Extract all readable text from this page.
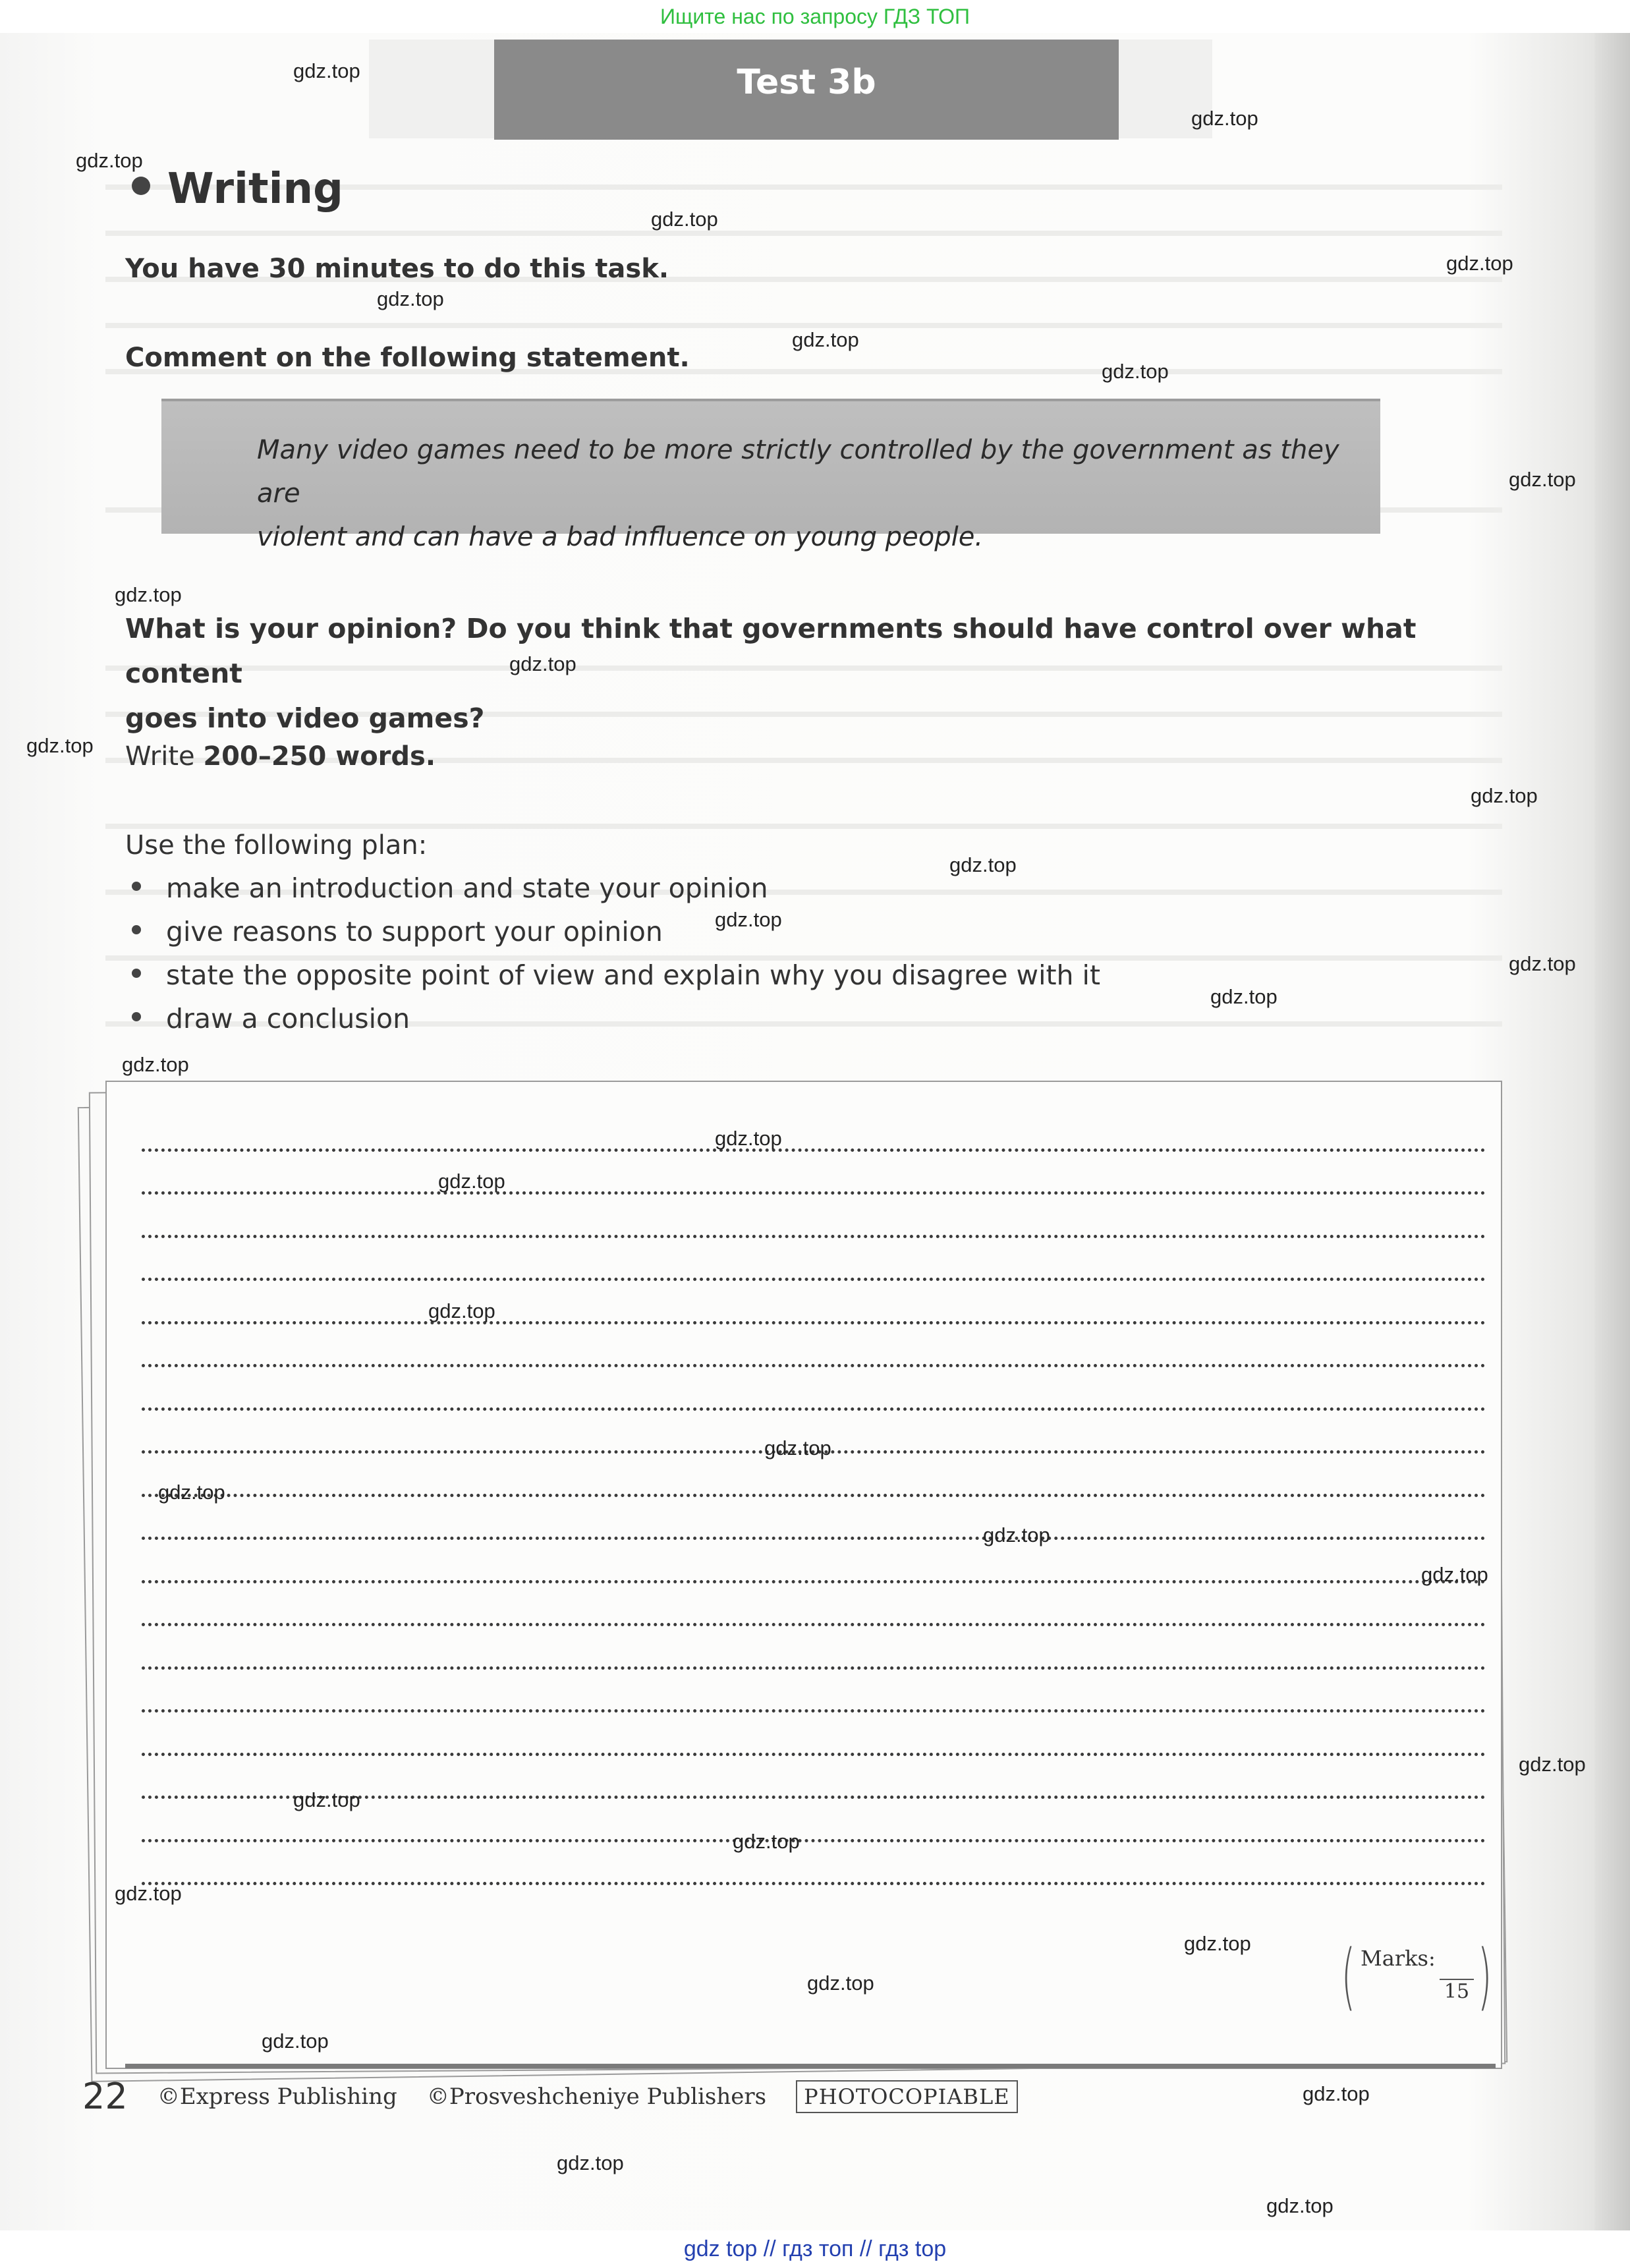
Test 3b
Writing
You have 30 minutes to do this task.
Comment on the following statement.
Many video games need to be more strictly controlled by the government as they are
violent and can have a bad influence on young people.
What is your opinion? Do you think that governments should have control over what content
goes into video games?
Write 200–250 words.
Use the following plan:
make an introduction and state your opinion
give reasons to support your opinion
state the opposite point of view and explain why you disagree with it
draw a conclusion
( Marks:
15 )
22 ©Express Publishing ©Prosveshcheniye Publishers PHOTOCOPIABLE
gdz.top
gdz.top
gdz.top
gdz.top
gdz.top
gdz.top
gdz.top
gdz.top
gdz.top
gdz.top
gdz.top
gdz.top
gdz.top
gdz.top
gdz.top
gdz.top
gdz.top
gdz.top
gdz.top
gdz.top
gdz.top
gdz.top
gdz.top
gdz.top
gdz.top
gdz.top
gdz.top
gdz.top
gdz.top
gdz.top
gdz.top
gdz.top
gdz.top
gdz.top
gdz.top
Ищите нас по запросу ГДЗ ТОП
gdz top // гдз топ // гдз top
